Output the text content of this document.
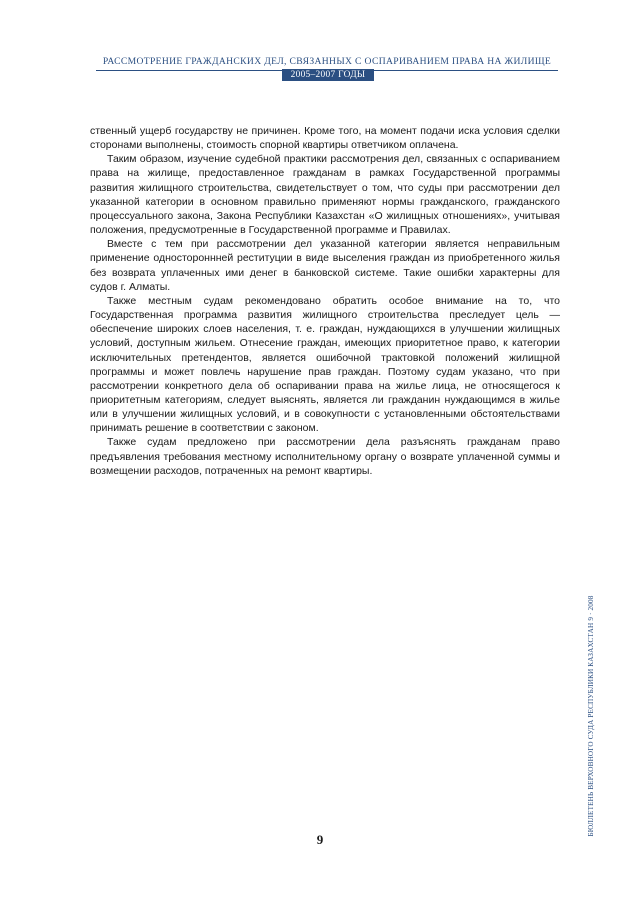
РАССМОТРЕНИЕ ГРАЖДАНСКИХ ДЕЛ, СВЯЗАННЫХ С ОСПАРИВАНИЕМ ПРАВА НА ЖИЛИЩЕ
2005–2007 ГОДЫ

ственный ущерб государству не причинен. Кроме того, на момент подачи иска условия сделки сторонами выполнены, стоимость спорной квартиры ответчиком оплачена.

Таким образом, изучение судебной практики рассмотрения дел, связанных с оспариванием права на жилище, предоставленное гражданам в рамках Государственной программы развития жилищного строительства, свидетельствует о том, что суды при рассмотрении дел указанной категории в основном правильно применяют нормы гражданского, гражданского процессуального закона, Закона Республики Казахстан «О жилищных отношениях», учитывая положения, предусмотренные в Государственной программе и Правилах.

Вместе с тем при рассмотрении дел указанной категории является неправильным применение одностороннней реституции в виде выселения граждан из приобретенного жилья без возврата уплаченных ими денег в банковской системе. Такие ошибки характерны для судов г. Алматы.

Также местным судам рекомендовано обратить особое внимание на то, что Государственная программа развития жилищного строительства преследует цель — обеспечение широких слоев населения, т. е. граждан, нуждающихся в улучшении жилищных условий, доступным жильем. Отнесение граждан, имеющих приоритетное право, к категории исключительных претендентов, является ошибочной трактовкой положений жилищной программы и может повлечь нарушение прав граждан. Поэтому судам указано, что при рассмотрении конкретного дела об оспаривании права на жилье лица, не относящегося к приоритетным категориям, следует выяснять, является ли гражданин нуждающимся в жилье или в улучшении жилищных условий, и в совокупности с установленными обстоятельствами принимать решение в соответствии с законом.

Также судам предложено при рассмотрении дела разъяснять гражданам право предъявления требования местному исполнительному органу о возврате уплаченной суммы и возмещении расходов, потраченных на ремонт квартиры.

БЮЛЛЕТЕНЬ ВЕРХОВНОГО СУДА РЕСПУБЛИКИ КАЗАХСТАН 9 · 2008
9
